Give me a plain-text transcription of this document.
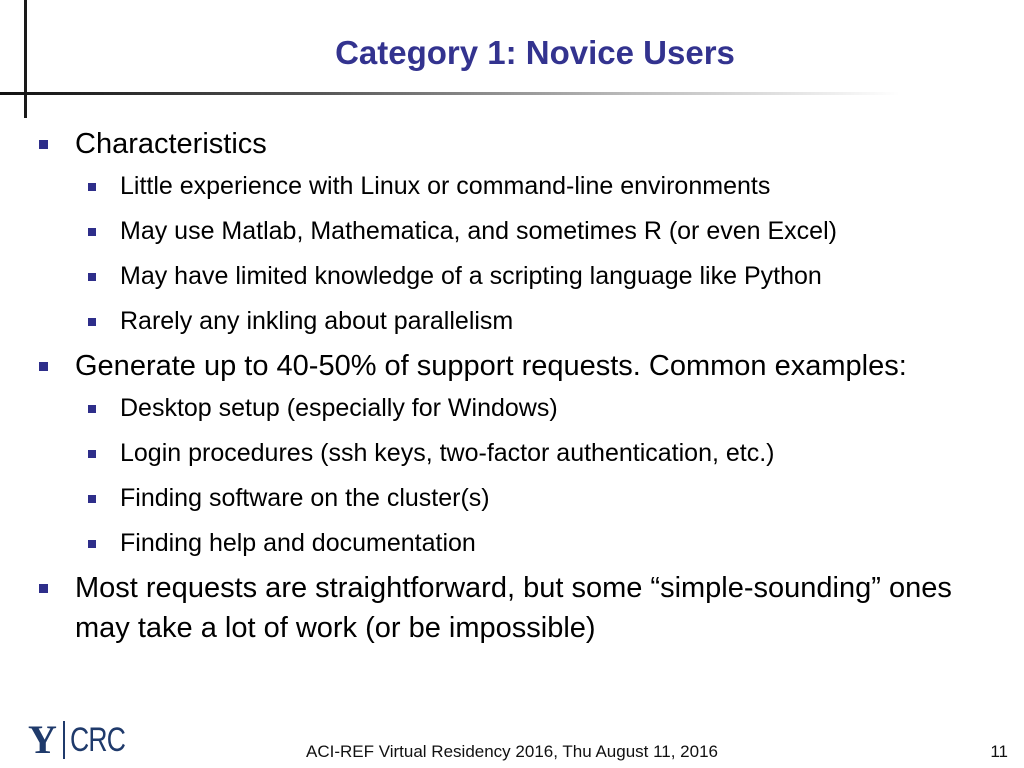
Category 1: Novice Users
Characteristics
Little experience with Linux or command-line environments
May use Matlab, Mathematica, and sometimes R (or even Excel)
May have limited knowledge of a scripting language like Python
Rarely any inkling about parallelism
Generate up to 40-50% of support requests. Common examples:
Desktop setup (especially for Windows)
Login procedures (ssh keys, two-factor authentication, etc.)
Finding software on the cluster(s)
Finding help and documentation
Most requests are straightforward, but some “simple-sounding” ones may take a lot of work (or be impossible)
Y CRC	ACI-REF Virtual Residency 2016, Thu August 11, 2016	11
